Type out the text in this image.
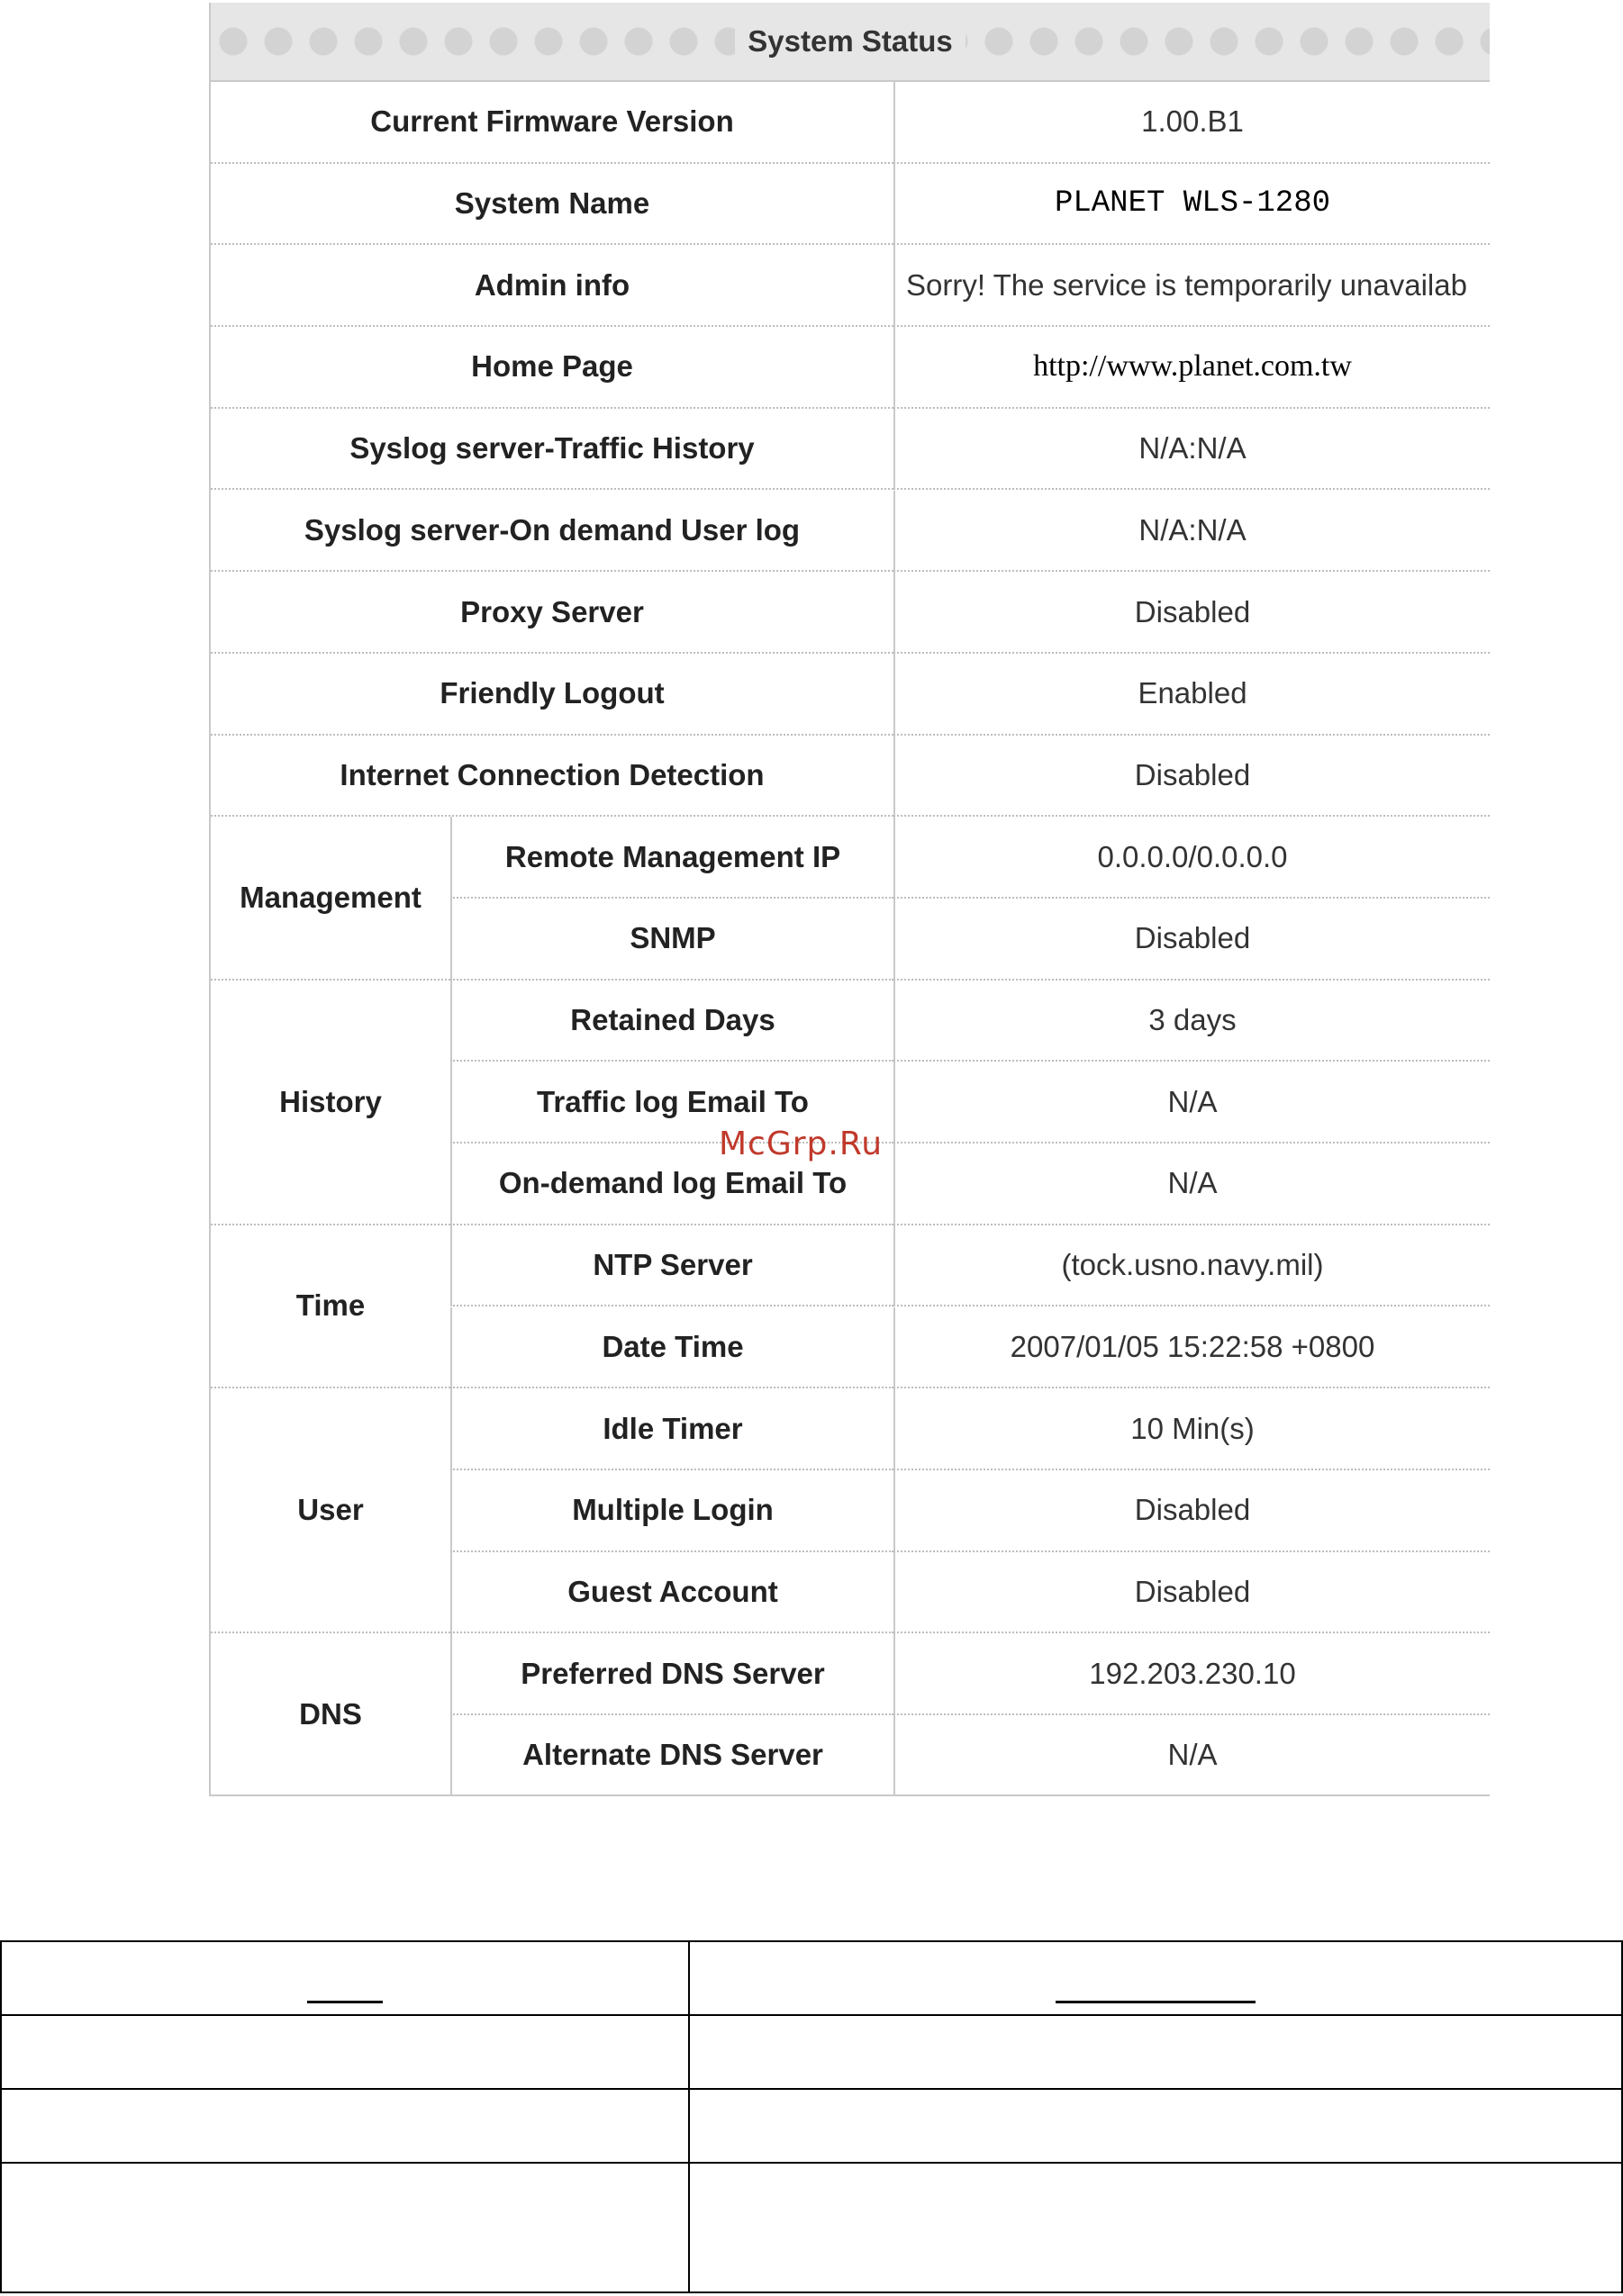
System Status
Current Firmware Version	1.00.B1
System Name	PLANET WLS-1280
Admin info	Sorry! The service is temporarily unavailab
Home Page	http://www.planet.com.tw
Syslog server-Traffic History	N/A:N/A
Syslog server-On demand User log	N/A:N/A
Proxy Server	Disabled
Friendly Logout	Enabled
Internet Connection Detection	Disabled
Management
Remote Management IP	0.0.0.0/0.0.0.0
SNMP	Disabled
History
Retained Days	3 days
Traffic log Email To	N/A
On-demand log Email To	N/A
Time
NTP Server	(tock.usno.navy.mil)
Date Time	2007/01/05 15:22:58 +0800
User
Idle Timer	10 Min(s)
Multiple Login	Disabled
Guest Account	Disabled
DNS
Preferred DNS Server	192.203.230.10
Alternate DNS Server	N/A
McGrp.Ru
